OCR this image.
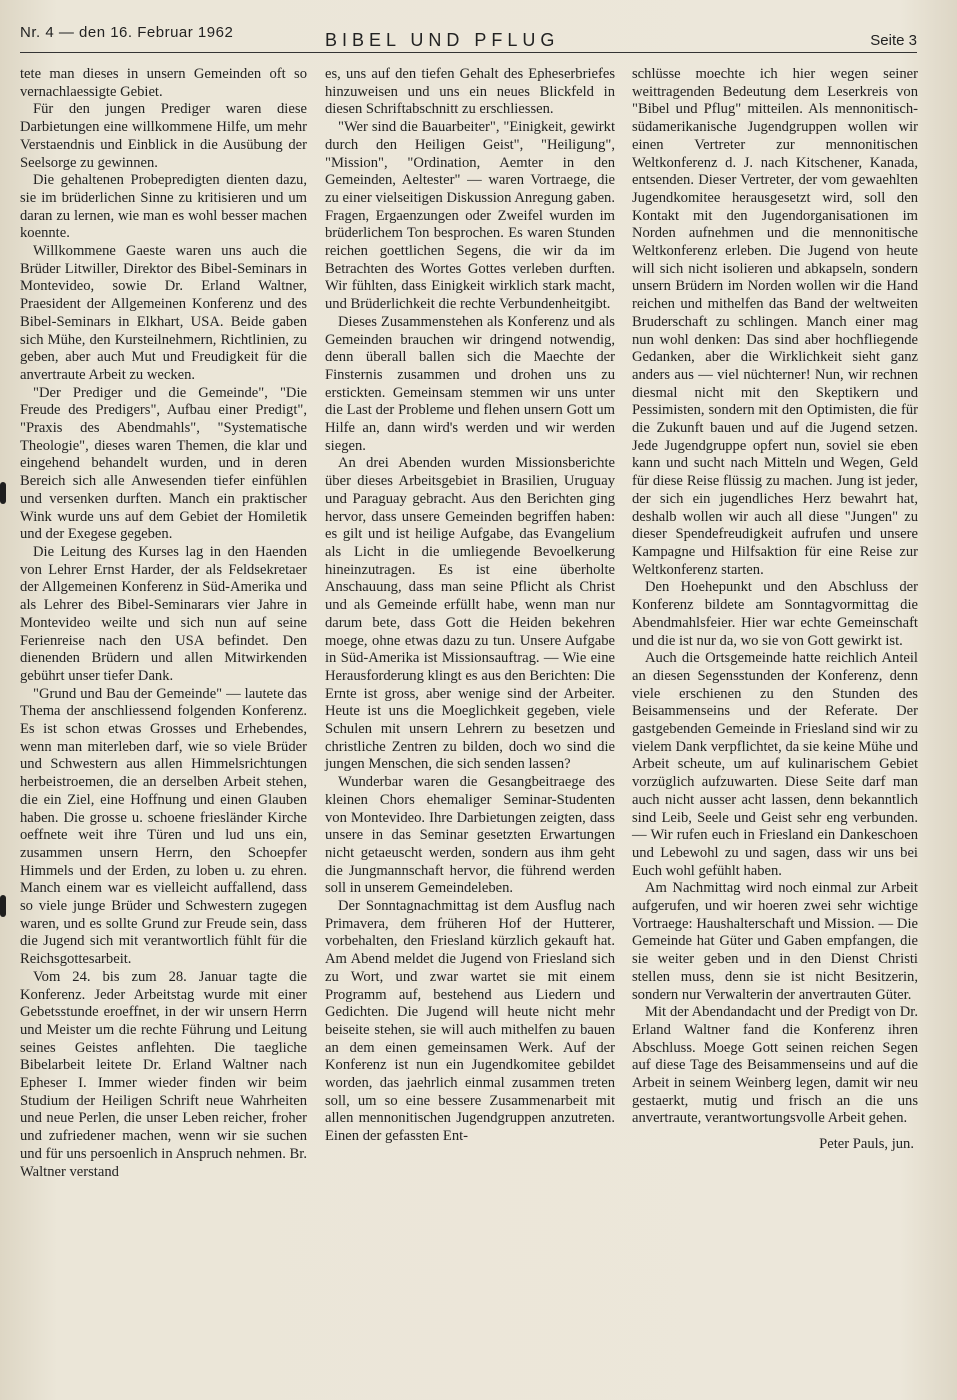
Nr. 4 — den 16. Februar 1962	BIBEL UND PFLUG	Seite 3

tete man dieses in unsern Gemeinden oft so vernachlaessigte Gebiet.

Für den jungen Prediger waren diese Darbietungen eine willkommene Hilfe, um mehr Verstaendnis und Einblick in die Ausübung der Seelsorge zu gewinnen.

Die gehaltenen Probepredigten dienten dazu, sie im brüderlichen Sinne zu kritisieren und um daran zu lernen, wie man es wohl besser machen koennte.

Willkommene Gaeste waren uns auch die Brüder Litwiller, Direktor des Bibel-Seminars in Montevideo, sowie Dr. Erland Waltner, Praesident der Allgemeinen Konferenz und des Bibel-Seminars in Elkhart, USA. Beide gaben sich Mühe, den Kursteilnehmern, Richtlinien, zu geben, aber auch Mut und Freudigkeit für die anvertraute Arbeit zu wecken.

"Der Prediger und die Gemeinde", "Die Freude des Predigers", Aufbau einer Predigt", "Praxis des Abendmahls", "Systematische Theologie", dieses waren Themen, die klar und eingehend behandelt wurden, und in deren Bereich sich alle Anwesenden tiefer einfühlen und versenken durften. Manch ein praktischer Wink wurde uns auf dem Gebiet der Homiletik und der Exegese gegeben.

Die Leitung des Kurses lag in den Haenden von Lehrer Ernst Harder, der als Feldsekretaer der Allgemeinen Konferenz in Süd-Amerika und als Lehrer des Bibel-Seminarars vier Jahre in Montevideo weilte und sich nun auf seine Ferienreise nach den USA befindet. Den dienenden Brüdern und allen Mitwirkenden gebührt unser tiefer Dank.

"Grund und Bau der Gemeinde" — lautete das Thema der anschliessend folgenden Konferenz. Es ist schon etwas Grosses und Erhebendes, wenn man miterleben darf, wie so viele Brüder und Schwestern aus allen Himmelsrichtungen herbeistroemen, die an derselben Arbeit stehen, die ein Ziel, eine Hoffnung und einen Glauben haben. Die grosse u. schoene friesländer Kirche oeffnete weit ihre Türen und lud uns ein, zusammen unsern Herrn, den Schoepfer Himmels und der Erden, zu loben u. zu ehren. Manch einem war es vielleicht auffallend, dass so viele junge Brüder und Schwestern zugegen waren, und es sollte Grund zur Freude sein, dass die Jugend sich mit verantwortlich fühlt für die Reichsgottesarbeit.

Vom 24. bis zum 28. Januar tagte die Konferenz. Jeder Arbeitstag wurde mit einer Gebetsstunde eroeffnet, in der wir unsern Herrn und Meister um die rechte Führung und Leitung seines Geistes anflehten. Die taegliche Bibelarbeit leitete Dr. Erland Waltner nach Epheser I. Immer wieder finden wir beim Studium der Heiligen Schrift neue Wahrheiten und neue Perlen, die unser Leben reicher, froher und zufriedener machen, wenn wir sie suchen und für uns persoenlich in Anspruch nehmen. Br. Waltner verstand

es, uns auf den tiefen Gehalt des Epheserbriefes hinzuweisen und uns ein neues Blickfeld in diesen Schriftabschnitt zu erschliessen.

"Wer sind die Bauarbeiter", "Einigkeit, gewirkt durch den Heiligen Geist", "Heiligung", "Mission", "Ordination, Aemter in den Gemeinden, Aeltester" — waren Vortraege, die zu einer vielseitigen Diskussion Anregung gaben. Fragen, Ergaenzungen oder Zweifel wurden im brüderlichem Ton besprochen. Es waren Stunden reichen goettlichen Segens, die wir da im Betrachten des Wortes Gottes verleben durften. Wir fühlten, dass Einigkeit wirklich stark macht, und Brüderlichkeit die rechte Verbundenheitgibt.

Dieses Zusammenstehen als Konferenz und als Gemeinden brauchen wir dringend notwendig, denn überall ballen sich die Maechte der Finsternis zusammen und drohen uns zu erstickten. Gemeinsam stemmen wir uns unter die Last der Probleme und flehen unsern Gott um Hilfe an, dann wird's werden und wir werden siegen.

An drei Abenden wurden Missionsberichte über dieses Arbeitsgebiet in Brasilien, Uruguay und Paraguay gebracht. Aus den Berichten ging hervor, dass unsere Gemeinden begriffen haben: es gilt und ist heilige Aufgabe, das Evangelium als Licht in die umliegende Bevoelkerung hineinzutragen. Es ist eine überholte Anschauung, dass man seine Pflicht als Christ und als Gemeinde erfüllt habe, wenn man nur darum bete, dass Gott die Heiden bekehren moege, ohne etwas dazu zu tun. Unsere Aufgabe in Süd-Amerika ist Missionsauftrag. — Wie eine Herausforderung klingt es aus den Berichten: Die Ernte ist gross, aber wenige sind der Arbeiter. Heute ist uns die Moeglichkeit gegeben, viele Schulen mit unsern Lehrern zu besetzen und christliche Zentren zu bilden, doch wo sind die jungen Menschen, die sich senden lassen?

Wunderbar waren die Gesangbeitraege des kleinen Chors ehemaliger Seminar-Studenten von Montevideo. Ihre Darbietungen zeigten, dass unsere in das Seminar gesetzten Erwartungen nicht getaeuscht werden, sondern aus ihm geht die Jungmannschaft hervor, die führend werden soll in unserem Gemeindeleben.

Der Sonntagnachmittag ist dem Ausflug nach Primavera, dem früheren Hof der Hutterer, vorbehalten, den Friesland kürzlich gekauft hat. Am Abend meldet die Jugend von Friesland sich zu Wort, und zwar wartet sie mit einem Programm auf, bestehend aus Liedern und Gedichten. Die Jugend will heute nicht mehr beiseite stehen, sie will auch mithelfen zu bauen an dem einen gemeinsamen Werk. Auf der Konferenz ist nun ein Jugendkomitee gebildet worden, das jaehrlich einmal zusammen treten soll, um so eine bessere Zusammenarbeit mit allen mennonitischen Jugendgruppen anzutreten. Einen der gefassten Ent-

schlüsse moechte ich hier wegen seiner weittragenden Bedeutung dem Leserkreis von "Bibel und Pflug" mitteilen. Als mennonitisch-südamerikanische Jugendgruppen wollen wir einen Vertreter zur mennonitischen Weltkonferenz d. J. nach Kitschener, Kanada, entsenden. Dieser Vertreter, der vom gewaehlten Jugendkomitee herausgesetzt wird, soll den Kontakt mit den Jugendorganisationen im Norden aufnehmen und die mennonitische Weltkonferenz erleben. Die Jugend von heute will sich nicht isolieren und abkapseln, sondern unsern Brüdern im Norden wollen wir die Hand reichen und mithelfen das Band der weltweiten Bruderschaft zu schlingen. Manch einer mag nun wohl denken: Das sind aber hochfliegende Gedanken, aber die Wirklichkeit sieht ganz anders aus — viel nüchterner! Nun, wir rechnen diesmal nicht mit den Skeptikern und Pessimisten, sondern mit den Optimisten, die für die Zukunft bauen und auf die Jugend setzen. Jede Jugendgruppe opfert nun, soviel sie eben kann und sucht nach Mitteln und Wegen, Geld für diese Reise flüssig zu machen. Jung ist jeder, der sich ein jugendliches Herz bewahrt hat, deshalb wollen wir auch all diese "Jungen" zu dieser Spendefreudigkeit aufrufen und unsere Kampagne und Hilfsaktion für eine Reise zur Weltkonferenz starten.

Den Hoehepunkt und den Abschluss der Konferenz bildete am Sonntagvormittag die Abendmahlsfeier. Hier war echte Gemeinschaft und die ist nur da, wo sie von Gott gewirkt ist.

Auch die Ortsgemeinde hatte reichlich Anteil an diesen Segensstunden der Konferenz, denn viele erschienen zu den Stunden des Beisammenseins und der Referate. Der gastgebenden Gemeinde in Friesland sind wir zu vielem Dank verpflichtet, da sie keine Mühe und Arbeit scheute, um auf kulinarischem Gebiet vorzüglich aufzuwarten. Diese Seite darf man auch nicht ausser acht lassen, denn bekanntlich sind Leib, Seele und Geist sehr eng verbunden. — Wir rufen euch in Friesland ein Dankeschoen und Lebewohl zu und sagen, dass wir uns bei Euch wohl gefühlt haben.

Am Nachmittag wird noch einmal zur Arbeit aufgerufen, und wir hoeren zwei sehr wichtige Vortraege: Haushalterschaft und Mission. — Die Gemeinde hat Güter und Gaben empfangen, die sie weiter geben und in den Dienst Christi stellen muss, denn sie ist nicht Besitzerin, sondern nur Verwalterin der anvertrauten Güter.

Mit der Abendandacht und der Predigt von Dr. Erland Waltner fand die Konferenz ihren Abschluss. Moege Gott seinen reichen Segen auf diese Tage des Beisammenseins und auf die Arbeit in seinem Weinberg legen, damit wir neu gestaerkt, mutig und frisch an die uns anvertraute, verantwortungsvolle Arbeit gehen.

Peter Pauls, jun.
